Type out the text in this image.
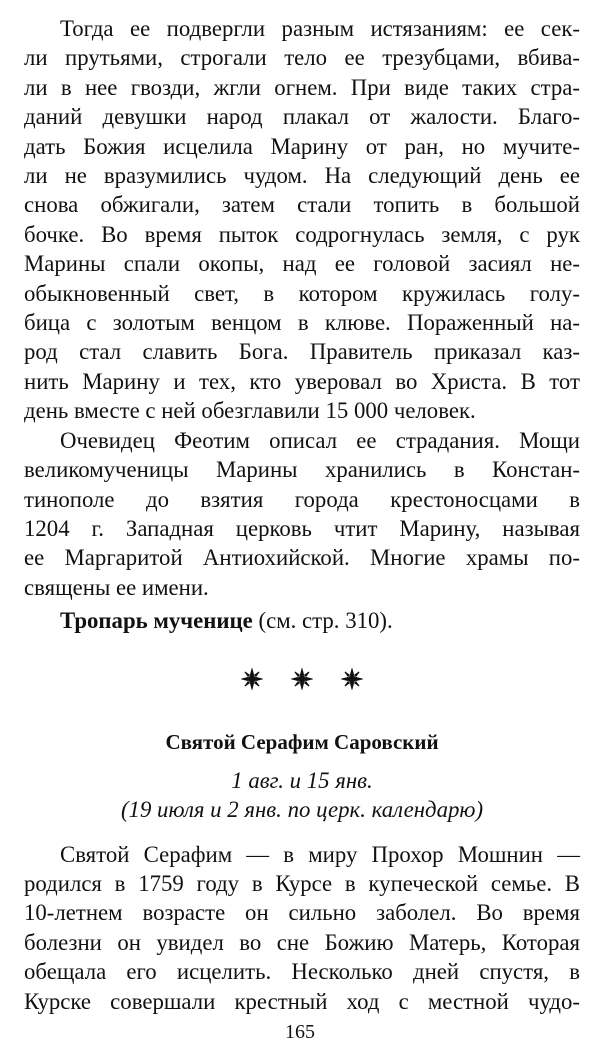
Тогда ее подвергли разным истязаниям: ее сек-
ли прутьями, строгали тело ее трезубцами, вбива-
ли в нее гвозди, жгли огнем. При виде таких стра-
даний девушки народ плакал от жалости. Благо-
дать Божия исцелила Марину от ран, но мучите-
ли не вразумились чудом. На следующий день ее
снова обжигали, затем стали топить в большой
бочке. Во время пыток содрогнулась земля, с рук
Марины спали окопы, над ее головой засиял не-
обыкновенный свет, в котором кружилась голу-
бица с золотым венцом в клюве. Пораженный на-
род стал славить Бога. Правитель приказал каз-
нить Марину и тех, кто уверовал во Христа. В тот
день вместе с ней обезглавили 15 000 человек.

Очевидец Феотим описал ее страдания. Мощи
великомученицы Марины хранились в Констан-
тинополе до взятия города крестоносцами в
1204 г. Западная церковь чтит Марину, называя
ее Маргаритой Антиохийской. Многие храмы по-
священы ее имени.

Тропарь мученице (см. стр. 310).

Святой Серафим Саровский
1 авг. и 15 янв.
(19 июля и 2 янв. по церк. календарю)

Святой Серафим — в миру Прохор Мошнин —
родился в 1759 году в Курсе в купеческой семье. В
10-летнем возрасте он сильно заболел. Во время
болезни он увидел во сне Божию Матерь, Которая
обещала его исцелить. Несколько дней спустя, в
Курске совершали крестный ход с местной чудо-

165
